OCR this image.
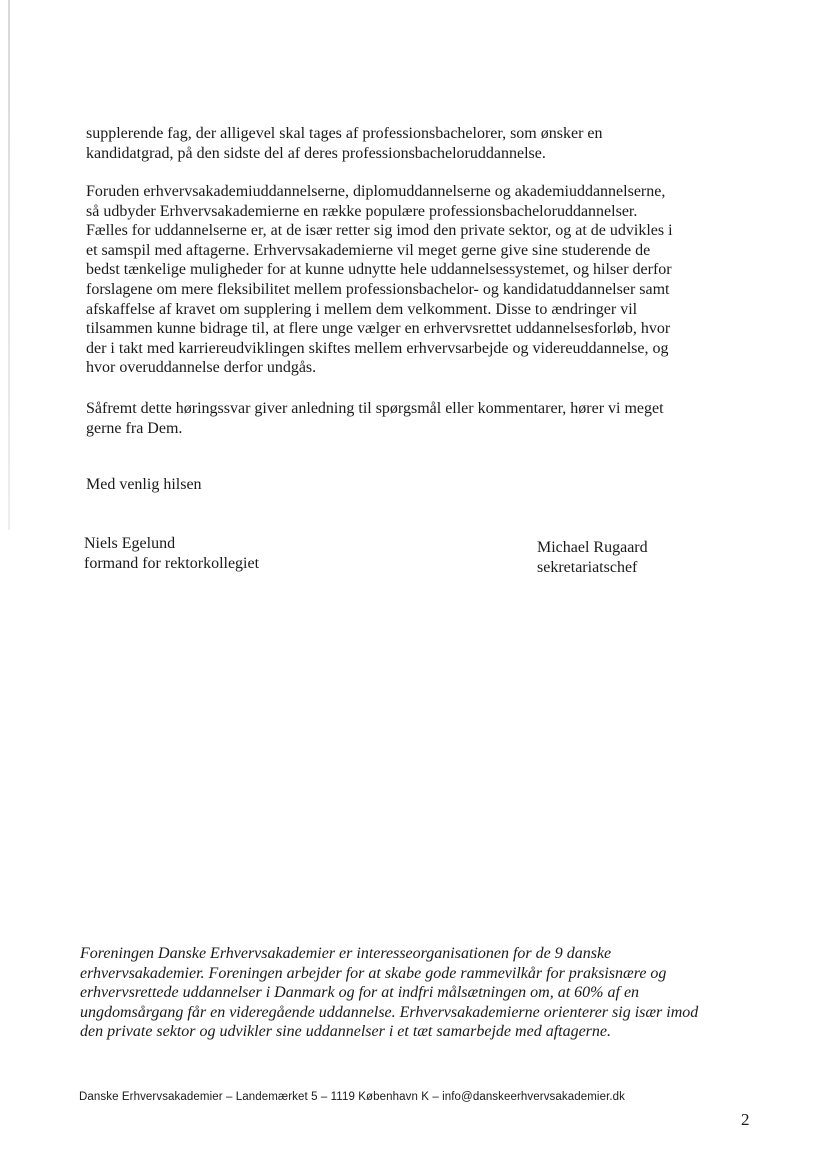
supplerende fag, der alligevel skal tages af professionsbachelorer, som ønsker en
kandidatgrad, på den sidste del af deres professionsbacheloruddannelse.

Foruden erhvervsakademiuddannelserne, diplomuddannelserne og akademiuddannelserne,
så udbyder Erhvervsakademierne en række populære professionsbacheloruddannelser.
Fælles for uddannelserne er, at de især retter sig imod den private sektor, og at de udvikles i
et samspil med aftagerne. Erhvervsakademierne vil meget gerne give sine studerende de
bedst tænkelige muligheder for at kunne udnytte hele uddannelsessystemet, og hilser derfor
forslagene om mere fleksibilitet mellem professionsbachelor- og kandidatuddannelser samt
afskaffelse af kravet om supplering i mellem dem velkomment. Disse to ændringer vil
tilsammen kunne bidrage til, at flere unge vælger en erhvervsrettet uddannelsesforløb, hvor
der i takt med karriereudviklingen skiftes mellem erhvervsarbejde og videreuddannelse, og
hvor overuddannelse derfor undgås.

Såfremt dette høringssvar giver anledning til spørgsmål eller kommentarer, hører vi meget
gerne fra Dem.

Med venlig hilsen
Niels Egelund
formand for rektorkollegiet
Michael Rugaard
sekretariatschef

Foreningen Danske Erhvervsakademier er interesseorganisationen for de 9 danske
erhvervsakademier. Foreningen arbejder for at skabe gode rammevilkår for praksisnære og
erhvervsrettede uddannelser i Danmark og for at indfri målsætningen om, at 60% af en
ungdomsårgang får en videregående uddannelse. Erhvervsakademierne orienterer sig især imod
den private sektor og udvikler sine uddannelser i et tæt samarbejde med aftagerne.

Danske Erhvervsakademier – Landemærket 5 – 1119 København K – info@danskeerhvervsakademier.dk
2
